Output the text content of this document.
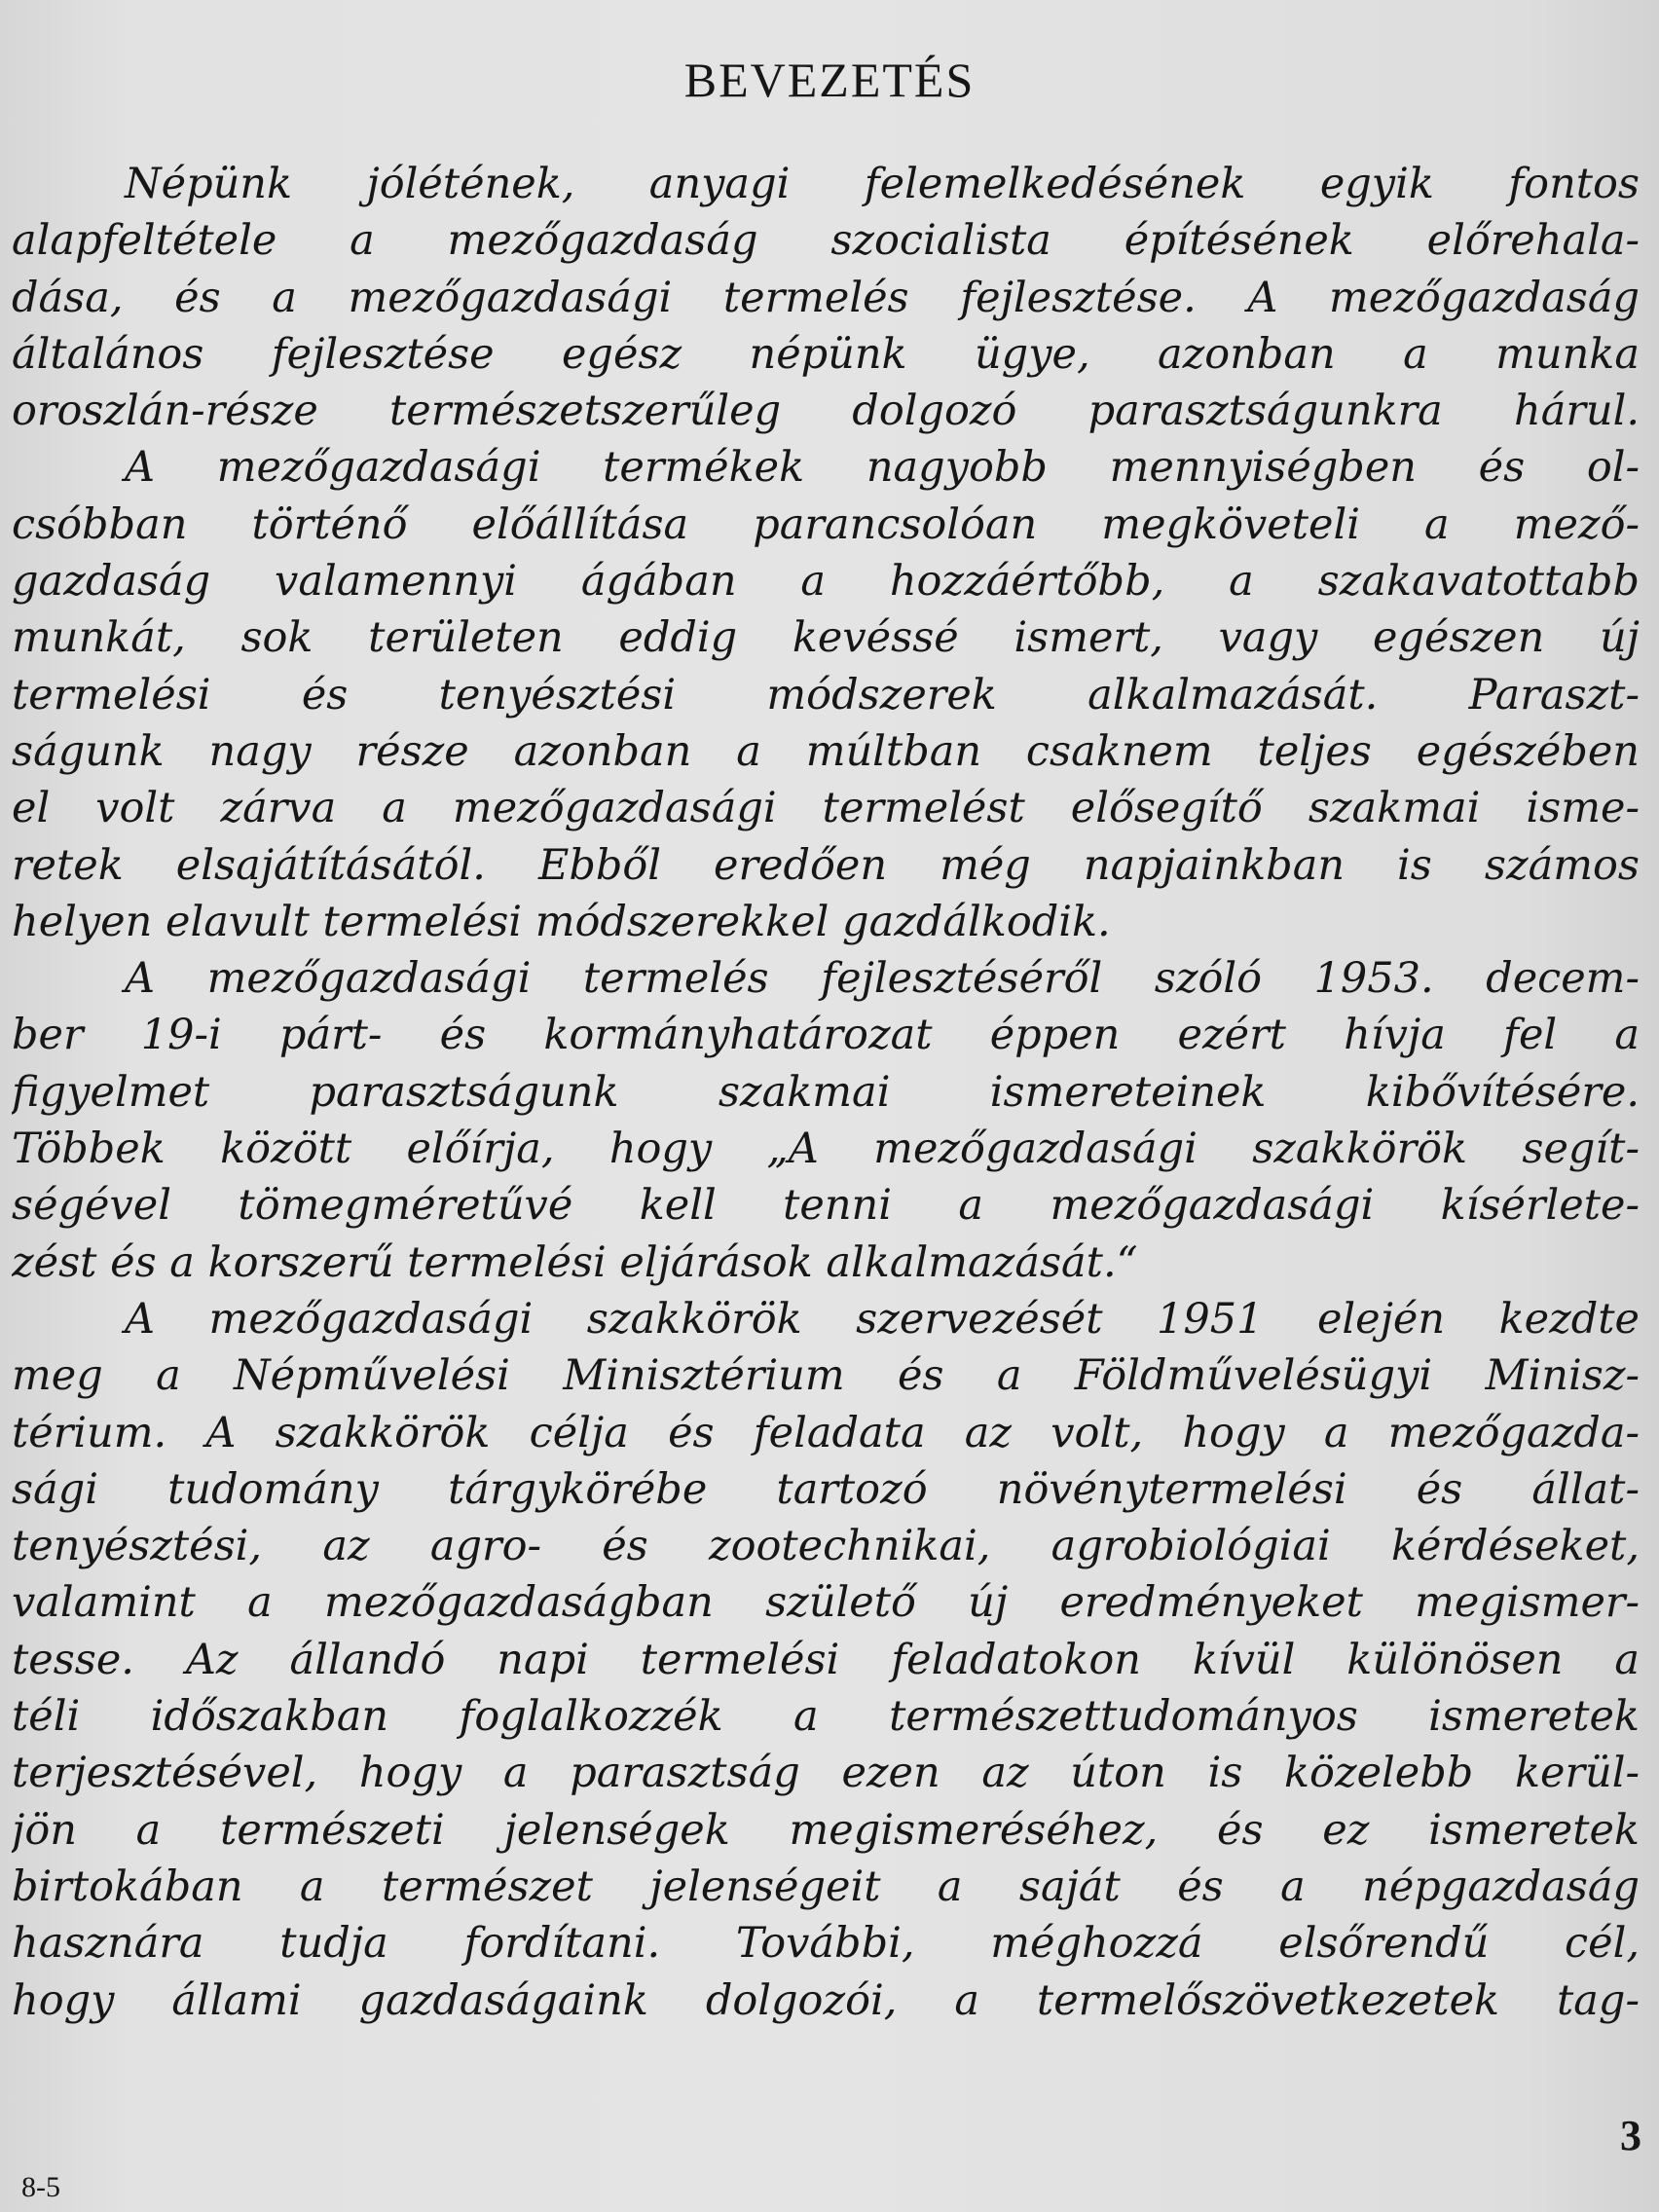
BEVEZETÉS
Népünk jólétének, anyagi felemelkedésének egyik fontos
alapfeltétele a mezőgazdaság szocialista építésének előrehala-
dása, és a mezőgazdasági termelés fejlesztése. A mezőgazdaság
általános fejlesztése egész népünk ügye, azonban a munka
oroszlán-része természetszerűleg dolgozó parasztságunkra hárul.
A mezőgazdasági termékek nagyobb mennyiségben és ol-
csóbban történő előállítása parancsolóan megköveteli a mező-
gazdaság valamennyi ágában a hozzáértőbb, a szakavatottabb
munkát, sok területen eddig kevéssé ismert, vagy egészen új
termelési és tenyésztési módszerek alkalmazását. Paraszt-
ságunk nagy része azonban a múltban csaknem teljes egészében
el volt zárva a mezőgazdasági termelést elősegítő szakmai isme-
retek elsajátításától. Ebből eredően még napjainkban is számos
helyen elavult termelési módszerekkel gazdálkodik.
A mezőgazdasági termelés fejlesztéséről szóló 1953. decem-
ber 19-i párt- és kormányhatározat éppen ezért hívja fel a
figyelmet parasztságunk szakmai ismereteinek kibővítésére.
Többek között előírja, hogy „A mezőgazdasági szakkörök segít-
ségével tömegméretűvé kell tenni a mezőgazdasági kísérlete-
zést és a korszerű termelési eljárások alkalmazását.“
A mezőgazdasági szakkörök szervezését 1951 elején kezdte
meg a Népművelési Minisztérium és a Földművelésügyi Minisz-
térium. A szakkörök célja és feladata az volt, hogy a mezőgazda-
sági tudomány tárgykörébe tartozó növénytermelési és állat-
tenyésztési, az agro- és zootechnikai, agrobiológiai kérdéseket,
valamint a mezőgazdaságban születő új eredményeket megismer-
tesse. Az állandó napi termelési feladatokon kívül különösen a
téli időszakban foglalkozzék a természettudományos ismeretek
terjesztésével, hogy a parasztság ezen az úton is közelebb kerül-
jön a természeti jelenségek megismeréséhez, és ez ismeretek
birtokában a természet jelenségeit a saját és a népgazdaság
hasznára tudja fordítani. További, méghozzá elsőrendű cél,
hogy állami gazdaságaink dolgozói, a termelőszövetkezetek tag-

3

8-5
